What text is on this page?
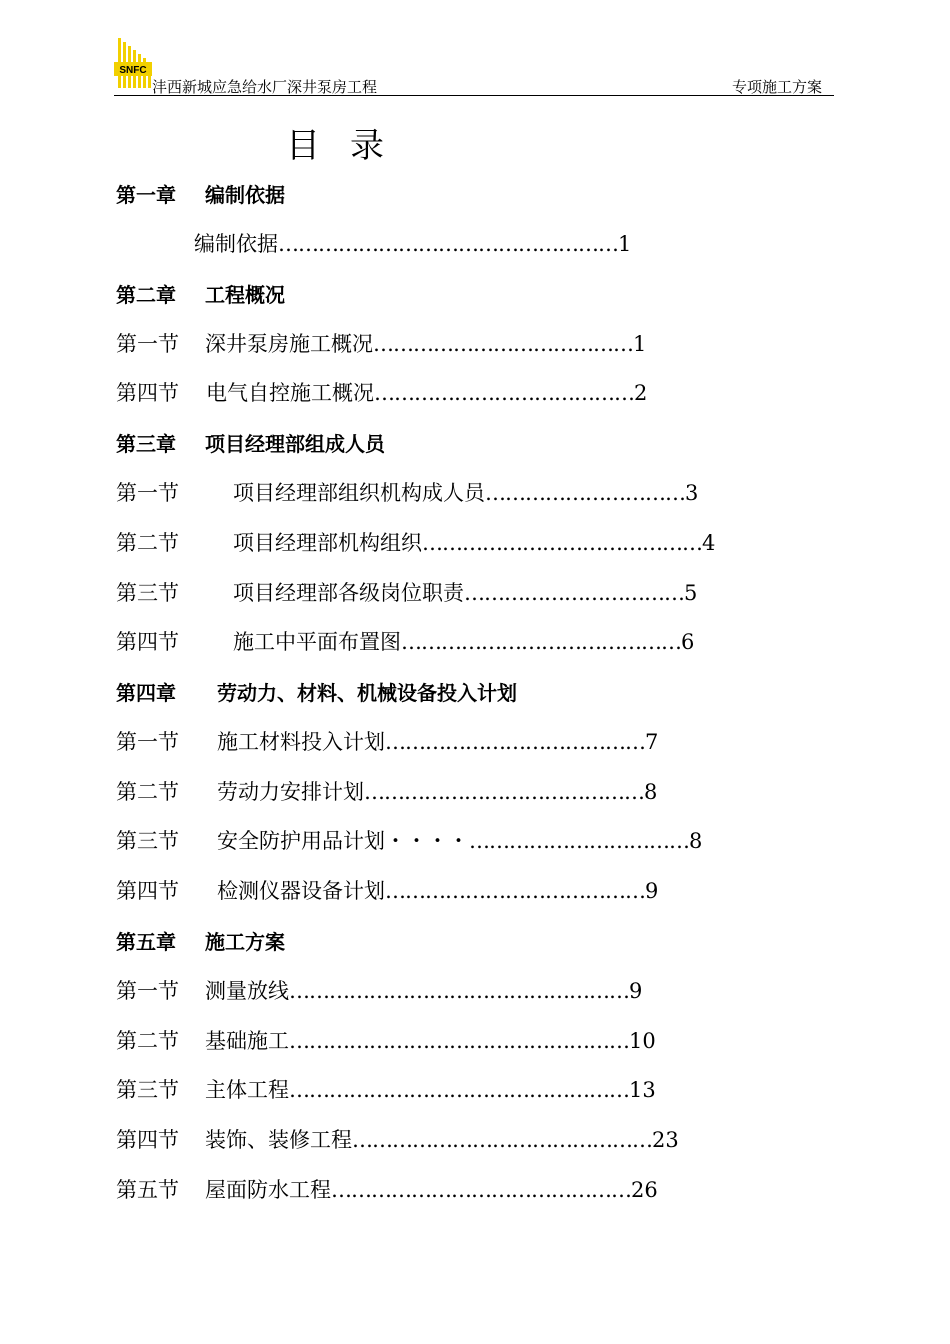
SNFC
沣西新城应急给水厂深井泵房工程	专项施工方案
目录
第一章 编制依据
编制依据……………………………………………1
第二章 工程概况
第一节 深井泵房施工概况…………………………………1
第四节 电气自控施工概况…………………………………2
第三章 项目经理部组成人员
第一节	项目经理部组织机构成人员…………………………3
第二节	项目经理部机构组织……………………………………4
第三节	项目经理部各级岗位职责……………………………5
第四节	施工中平面布置图……………………………………6
第四章 劳动力、材料、机械设备投入计划
第一节 施工材料投入计划…………………………………7
第二节 劳动力安排计划……………………………………8
第三节 安全防护用品计划・・・・……………………………8
第四节 检测仪器设备计划…………………………………9
第五章 施工方案
第一节 测量放线……………………………………………9
第二节 基础施工……………………………………………10
第三节 主体工程……………………………………………13
第四节 装饰、装修工程………………………………………23
第五节 屋面防水工程………………………………………26
